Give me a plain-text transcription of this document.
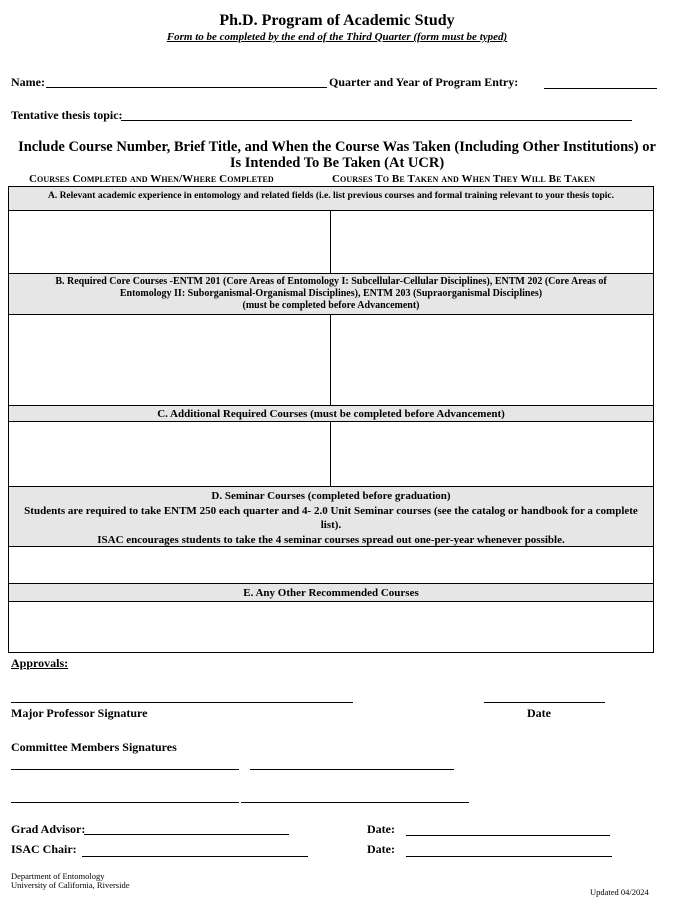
Ph.D. Program of Academic Study
Form to be completed by the end of the Third Quarter (form must be typed)
Name:	Quarter and Year of Program Entry:
Tentative thesis topic:
Include Course Number, Brief Title, and When the Course Was Taken (Including Other Institutions) or
Is Intended To Be Taken (At UCR)
Courses Completed and When/Where Completed	Courses To Be Taken and When They Will Be Taken
A. Relevant academic experience in entomology and related fields (i.e. list previous courses and formal training relevant to your thesis topic.
B. Required Core Courses -ENTM 201 (Core Areas of Entomology I: Subcellular-Cellular Disciplines), ENTM 202 (Core Areas of
Entomology II: Suborganismal-Organismal Disciplines), ENTM 203 (Supraorganismal Disciplines)
(must be completed before Advancement)
C. Additional Required Courses (must be completed before Advancement)
D. Seminar Courses (completed before graduation)
Students are required to take ENTM 250 each quarter and 4- 2.0 Unit Seminar courses (see the catalog or handbook for a complete list).
ISAC encourages students to take the 4 seminar courses spread out one-per-year whenever possible.
E. Any Other Recommended Courses
Approvals:
Major Professor Signature	Date
Committee Members Signatures
Grad Advisor:	Date:
ISAC Chair:	Date:
Department of Entomology
University of California, Riverside
Updated 04/2024
